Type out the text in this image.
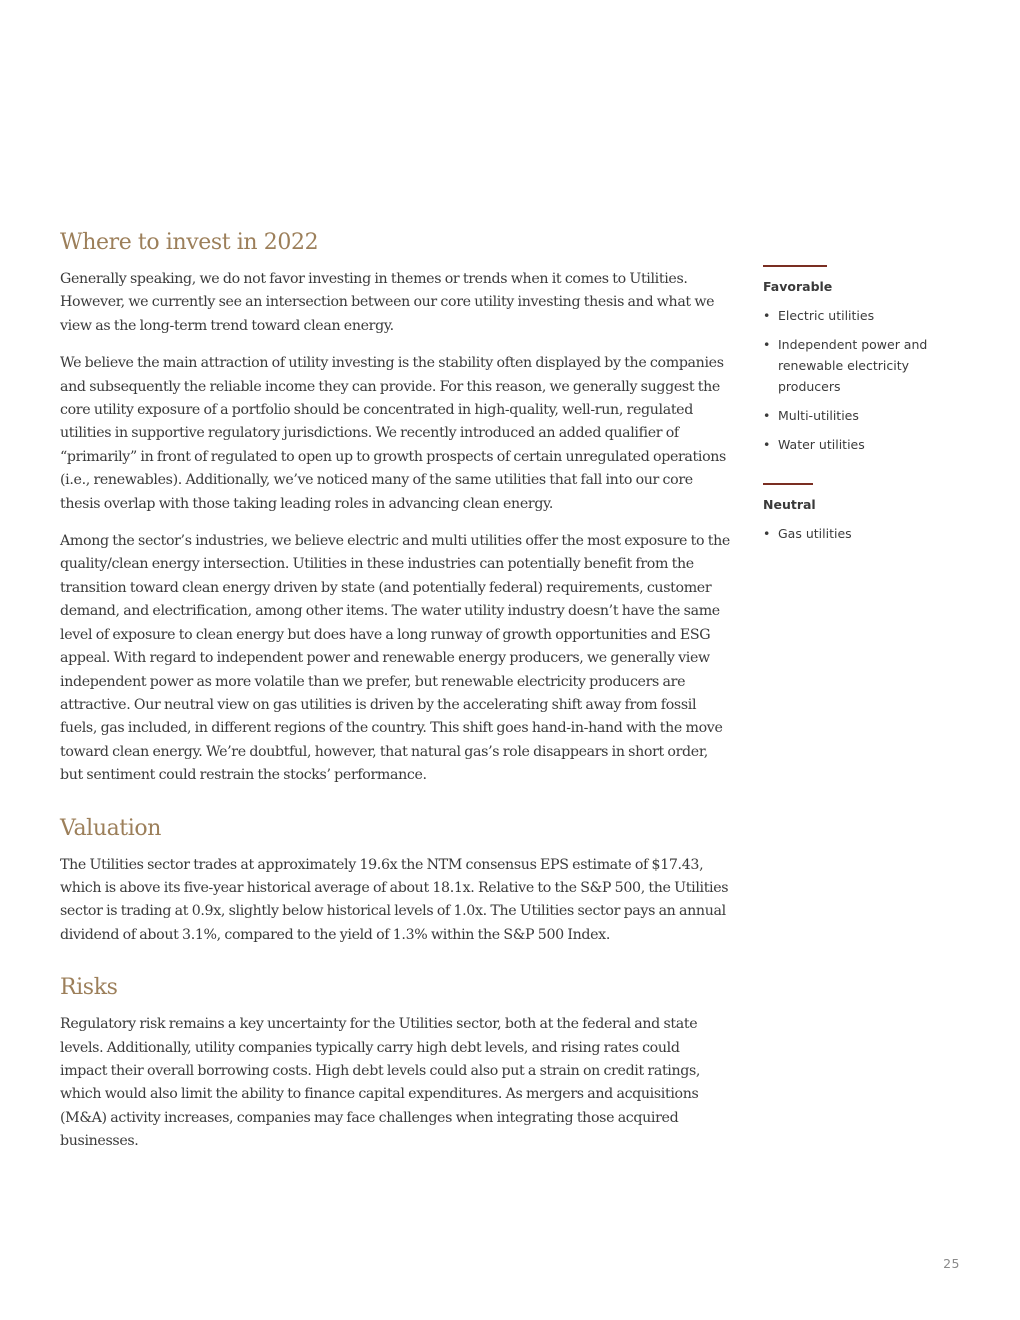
Where to invest in 2022

Generally speaking, we do not favor investing in themes or trends when it comes to Utilities. However, we currently see an intersection between our core utility investing thesis and what we view as the long-term trend toward clean energy.

We believe the main attraction of utility investing is the stability often displayed by the companies and subsequently the reliable income they can provide. For this reason, we generally suggest the core utility exposure of a portfolio should be concentrated in high-quality, well-run, regulated utilities in supportive regulatory jurisdictions. We recently introduced an added qualifier of “primarily” in front of regulated to open up to growth prospects of certain unregulated operations (i.e., renewables). Additionally, we’ve noticed many of the same utilities that fall into our core thesis overlap with those taking leading roles in advancing clean energy.

Among the sector’s industries, we believe electric and multi utilities offer the most exposure to the quality/clean energy intersection. Utilities in these industries can potentially benefit from the transition toward clean energy driven by state (and potentially federal) requirements, customer demand, and electrification, among other items. The water utility industry doesn’t have the same level of exposure to clean energy but does have a long runway of growth opportunities and ESG appeal. With regard to independent power and renewable energy producers, we generally view independent power as more volatile than we prefer, but renewable electricity producers are attractive. Our neutral view on gas utilities is driven by the accelerating shift away from fossil fuels, gas included, in different regions of the country. This shift goes hand-in-hand with the move toward clean energy. We’re doubtful, however, that natural gas’s role disappears in short order, but sentiment could restrain the stocks’ performance.

Valuation

The Utilities sector trades at approximately 19.6x the NTM consensus EPS estimate of $17.43, which is above its five-year historical average of about 18.1x. Relative to the S&P 500, the Utilities sector is trading at 0.9x, slightly below historical levels of 1.0x. The Utilities sector pays an annual dividend of about 3.1%, compared to the yield of 1.3% within the S&P 500 Index.

Risks

Regulatory risk remains a key uncertainty for the Utilities sector, both at the federal and state levels. Additionally, utility companies typically carry high debt levels, and rising rates could impact their overall borrowing costs. High debt levels could also put a strain on credit ratings, which would also limit the ability to finance capital expenditures. As mergers and acquisitions (M&A) activity increases, companies may face challenges when integrating those acquired businesses.

Favorable
• Electric utilities
• Independent power and renewable electricity producers
• Multi-utilities
• Water utilities
Neutral
• Gas utilities
25
